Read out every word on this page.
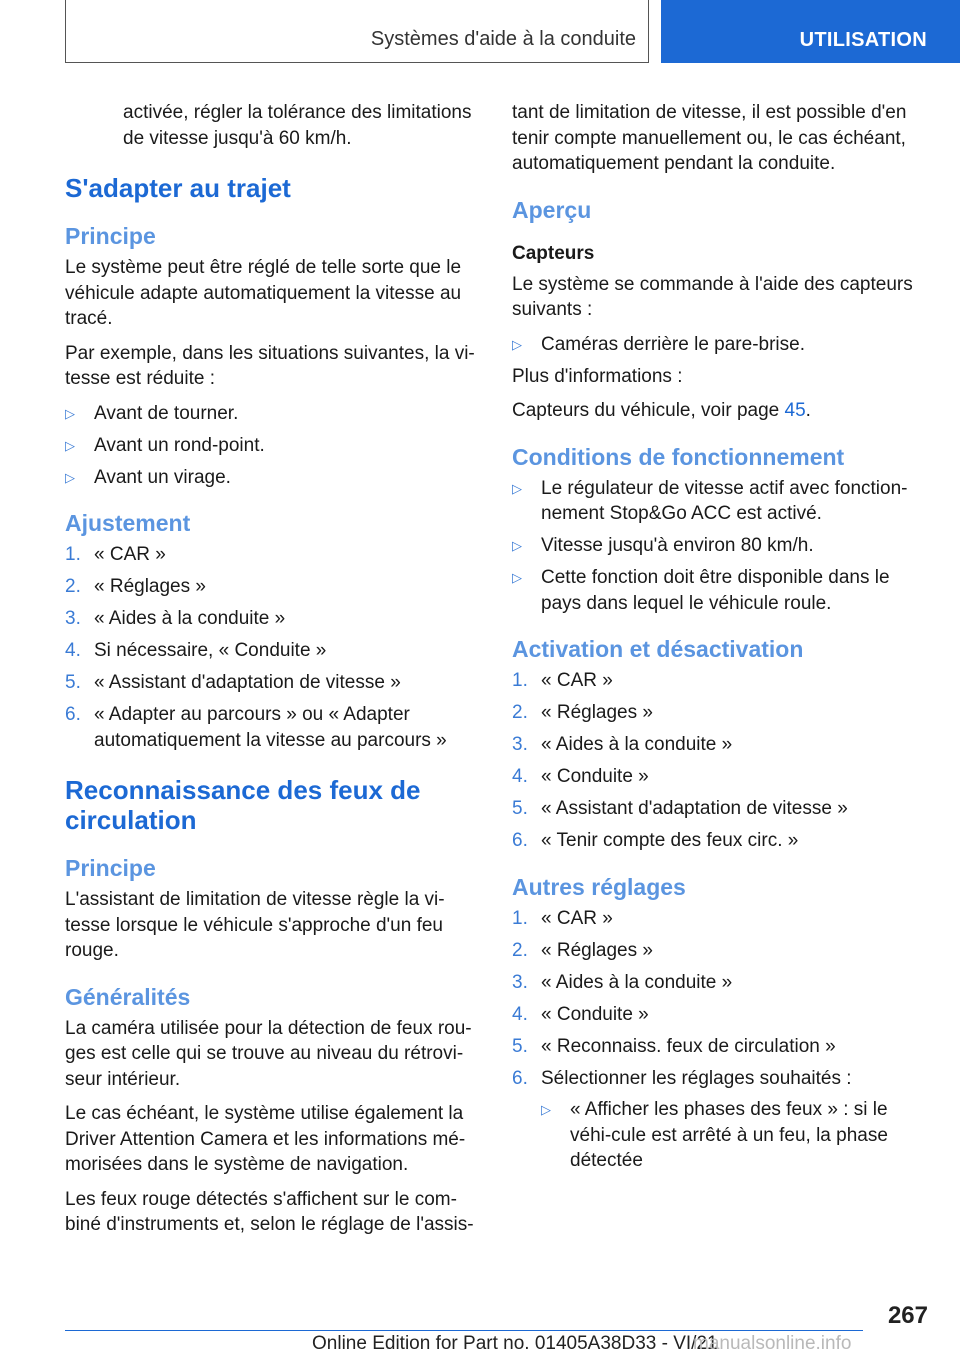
Systèmes d'aide à la conduite	UTILISATION

activée, régler la tolérance des limitations de vitesse jusqu'à 60 km/h.

S'adapter au trajet
Principe

Le système peut être réglé de telle sorte que le véhicule adapte automatiquement la vitesse au tracé.

Par exemple, dans les situations suivantes, la vi-tesse est réduite :

▷ Avant de tourner.
▷ Avant un rond-point.
▷ Avant un virage.
Ajustement
1. « CAR »
2. « Réglages »
3. « Aides à la conduite »
4. Si nécessaire, « Conduite »
5. « Assistant d'adaptation de vitesse »
6. « Adapter au parcours » ou « Adapter automatiquement la vitesse au parcours »
Reconnaissance des feux de circulation
Principe

L'assistant de limitation de vitesse règle la vi-tesse lorsque le véhicule s'approche d'un feu rouge.

Généralités

La caméra utilisée pour la détection de feux rou-ges est celle qui se trouve au niveau du rétrovi-seur intérieur.

Le cas échéant, le système utilise également la Driver Attention Camera et les informations mé-morisées dans le système de navigation.

Les feux rouge détectés s'affichent sur le com-biné d'instruments et, selon le réglage de l'assis-

tant de limitation de vitesse, il est possible d'en tenir compte manuellement ou, le cas échéant, automatiquement pendant la conduite.

Aperçu
Capteurs

Le système se commande à l'aide des capteurs suivants :

▷ Caméras derrière le pare-brise.

Plus d'informations :

Capteurs du véhicule, voir page 45.

Conditions de fonctionnement
▷ Le régulateur de vitesse actif avec fonction-nement Stop&Go ACC est activé.
▷ Vitesse jusqu'à environ 80 km/h.
▷ Cette fonction doit être disponible dans le pays dans lequel le véhicule roule.
Activation et désactivation
1. « CAR »
2. « Réglages »
3. « Aides à la conduite »
4. « Conduite »
5. « Assistant d'adaptation de vitesse »
6. « Tenir compte des feux circ. »
Autres réglages
1. « CAR »
2. « Réglages »
3. « Aides à la conduite »
4. « Conduite »
5. « Reconnaiss. feux de circulation »
6. Sélectionner les réglages souhaités :
▷ « Afficher les phases des feux » : si le véhi-cule est arrêté à un feu, la phase détectée
267
Online Edition for Part no. 01405A38D33 - VI/21
manualsonline.info
